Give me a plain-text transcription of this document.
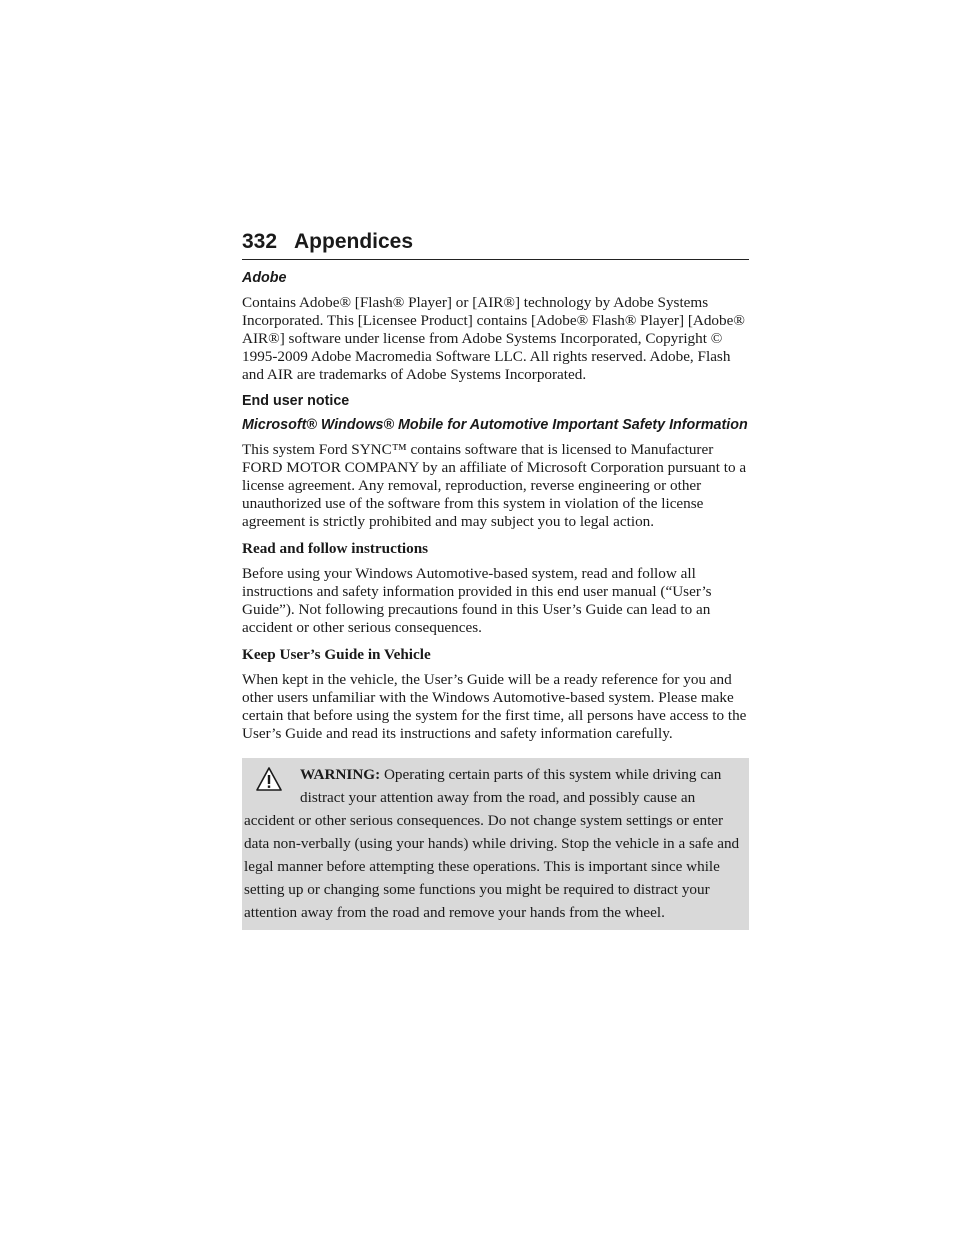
332 Appendices
Adobe

Contains Adobe® [Flash® Player] or [AIR®] technology by Adobe Systems Incorporated. This [Licensee Product] contains [Adobe® Flash® Player] [Adobe® AIR®] software under license from Adobe Systems Incorporated, Copyright © 1995-2009 Adobe Macromedia Software LLC. All rights reserved. Adobe, Flash and AIR are trademarks of Adobe Systems Incorporated.

End user notice
Microsoft® Windows® Mobile for Automotive Important Safety Information

This system Ford SYNC™ contains software that is licensed to Manufacturer FORD MOTOR COMPANY by an affiliate of Microsoft Corporation pursuant to a license agreement. Any removal, reproduction, reverse engineering or other unauthorized use of the software from this system in violation of the license agreement is strictly prohibited and may subject you to legal action.

Read and follow instructions

Before using your Windows Automotive-based system, read and follow all instructions and safety information provided in this end user manual (“User’s Guide”). Not following precautions found in this User’s Guide can lead to an accident or other serious consequences.

Keep User’s Guide in Vehicle

When kept in the vehicle, the User’s Guide will be a ready reference for you and other users unfamiliar with the Windows Automotive-based system. Please make certain that before using the system for the first time, all persons have access to the User’s Guide and read its instructions and safety information carefully.

WARNING: Operating certain parts of this system while driving can distract your attention away from the road, and possibly cause an accident or other serious consequences. Do not change system settings or enter data non-verbally (using your hands) while driving. Stop the vehicle in a safe and legal manner before attempting these operations. This is important since while setting up or changing some functions you might be required to distract your attention away from the road and remove your hands from the wheel.
